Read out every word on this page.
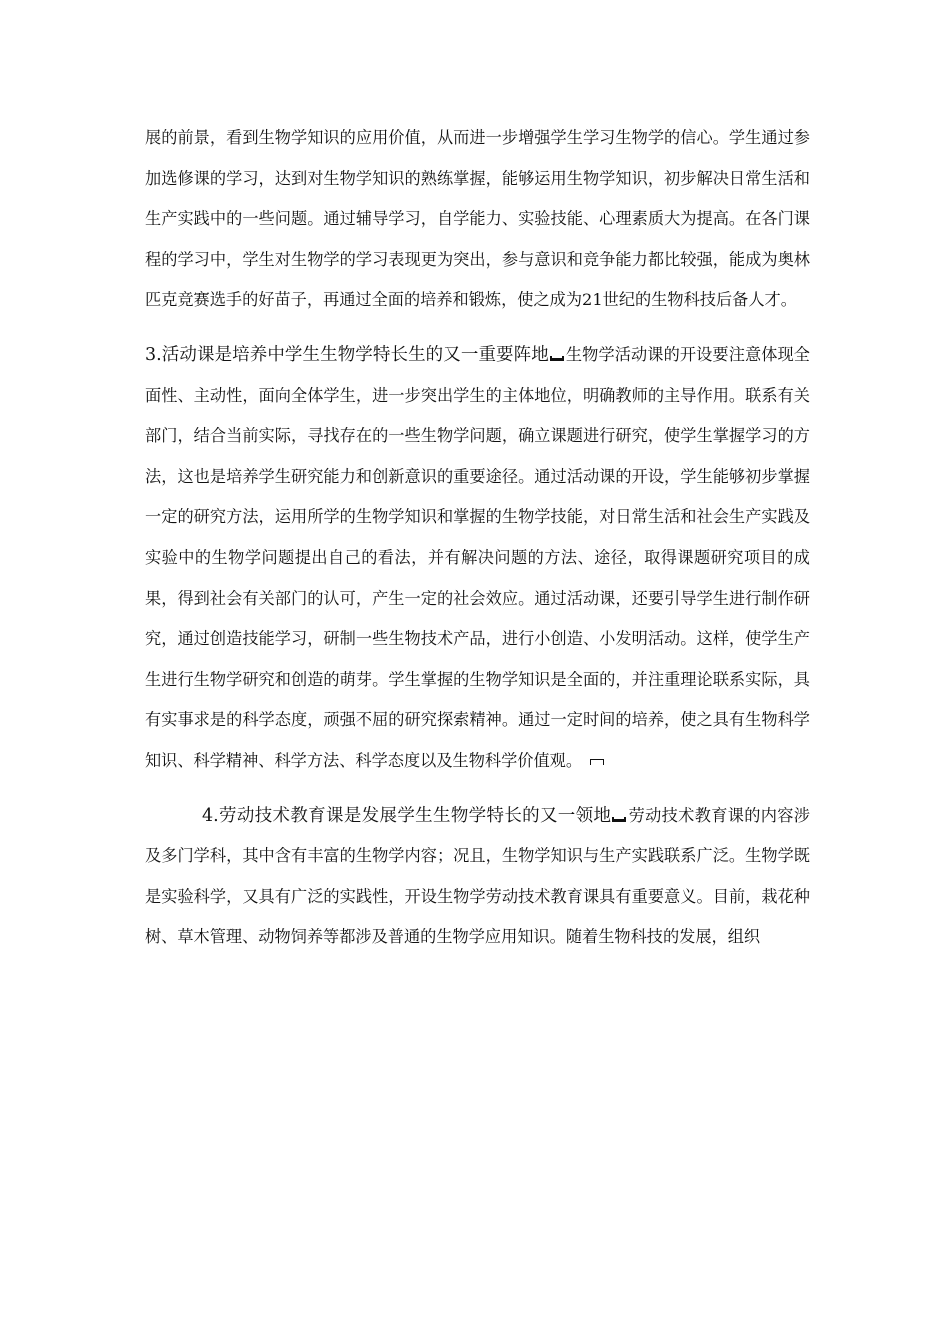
展的前景，看到生物学知识的应用价值，从而进一步增强学生学习生物学的信心。学生通过参加选修课的学习，达到对生物学知识的熟练掌握，能够运用生物学知识，初步解决日常生活和生产实践中的一些问题。通过辅导学习，自学能力、实验技能、心理素质大为提高。在各门课程的学习中，学生对生物学的学习表现更为突出，参与意识和竞争能力都比较强，能成为奥林匹克竞赛选手的好苗子，再通过全面的培养和锻炼，使之成为21世纪的生物科技后备人才。

3.活动课是培养中学生生物学特长生的又一重要阵地 生物学活动课的开设要注意体现全面性、主动性，面向全体学生，进一步突出学生的主体地位，明确教师的主导作用。联系有关部门，结合当前实际，寻找存在的一些生物学问题，确立课题进行研究，使学生掌握学习的方法，这也是培养学生研究能力和创新意识的重要途径。通过活动课的开设，学生能够初步掌握一定的研究方法，运用所学的生物学知识和掌握的生物学技能，对日常生活和社会生产实践及实验中的生物学问题提出自己的看法，并有解决问题的方法、途径，取得课题研究项目的成果，得到社会有关部门的认可，产生一定的社会效应。通过活动课，还要引导学生进行制作研究，通过创造技能学习，研制一些生物技术产品，进行小创造、小发明活动。这样，使学生产生进行生物学研究和创造的萌芽。学生掌握的生物学知识是全面的，并注重理论联系实际，具有实事求是的科学态度，顽强不屈的研究探索精神。通过一定时间的培养，使之具有生物科学知识、科学精神、科学方法、科学态度以及生物科学价值观。

4.劳动技术教育课是发展学生生物学特长的又一领地 劳动技术教育课的内容涉及多门学科，其中含有丰富的生物学内容；况且，生物学知识与生产实践联系广泛。生物学既是实验科学，又具有广泛的实践性，开设生物学劳动技术教育课具有重要意义。目前，栽花种树、草木管理、动物饲养等都涉及普通的生物学应用知识。随着生物科技的发展，组织
